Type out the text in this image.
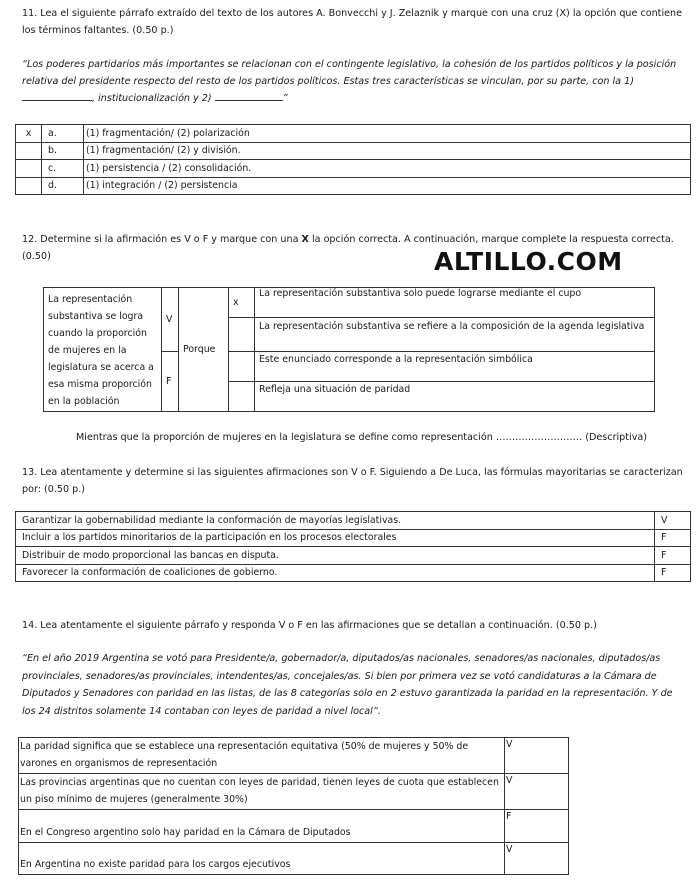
11. Lea el siguiente párrafo extraído del texto de los autores A. Bonvecchi y J. Zelaznik y marque con una cruz (X) la opción que contiene los términos faltantes. (0.50 p.)
“Los poderes partidarios más importantes se relacionan con el contingente legislativo, la cohesión de los partidos políticos y la posición relativa del presidente respecto del resto de los partidos políticos. Estas tres características se vinculan, por su parte, con la 1)
, institucionalización y 2)	”
x	a.	(1) fragmentación/ (2) polarización
	b.	(1) fragmentación/ (2) y división.
	c.	(1) persistencia / (2) consolidación.
	d.	(1) integración / (2) persistencia
12. Determine si la afirmación es V o F y marque con una X la opción correcta. A continuación, marque complete la respuesta correcta. (0.50)	ALTILLO.COM
La representación substantiva se logra cuando la proporción de mujeres en la legislatura se acerca a esa misma proporción en la población	V	Porque	x	La representación substantiva solo puede lograrse mediante el cupo
				La representación substantiva se refiere a la composición de la agenda legislativa
	F			Este enunciado corresponde a la representación simbólica
				Refleja una situación de paridad
Mientras que la proporción de mujeres en la legislatura se define como representación ……………………… (Descriptiva)
13. Lea atentamente y determine si las siguientes afirmaciones son V o F. Siguiendo a De Luca, las fórmulas mayoritarias se caracterizan por: (0.50 p.)
Garantizar la gobernabilidad mediante la conformación de mayorías legislativas.	V
Incluir a los partidos minoritarios de la participación en los procesos electorales	F
Distribuir de modo proporcional las bancas en disputa.	F
Favorecer la conformación de coaliciones de gobierno.	F
14. Lea atentamente el siguiente párrafo y responda V o F en las afirmaciones que se detallan a continuación. (0.50 p.)
“En el año 2019 Argentina se votó para Presidente/a, gobernador/a, diputados/as nacionales, senadores/as nacionales, diputados/as provinciales, senadores/as provinciales, intendentes/as, concejales/as. Si bien por primera vez se votó candidaturas a la Cámara de Diputados y Senadores con paridad en las listas, de las 8 categorías solo en 2 estuvo garantizada la paridad en la representación. Y de los 24 distritos solamente 14 contaban con leyes de paridad a nivel local”.
La paridad significa que se establece una representación equitativa (50% de mujeres y 50% de varones en organismos de representación	V
Las provincias argentinas que no cuentan con leyes de paridad, tienen leyes de cuota que establecen un piso mínimo de mujeres (generalmente 30%)	V
En el Congreso argentino solo hay paridad en la Cámara de Diputados	F
En Argentina no existe paridad para los cargos ejecutivos	V
